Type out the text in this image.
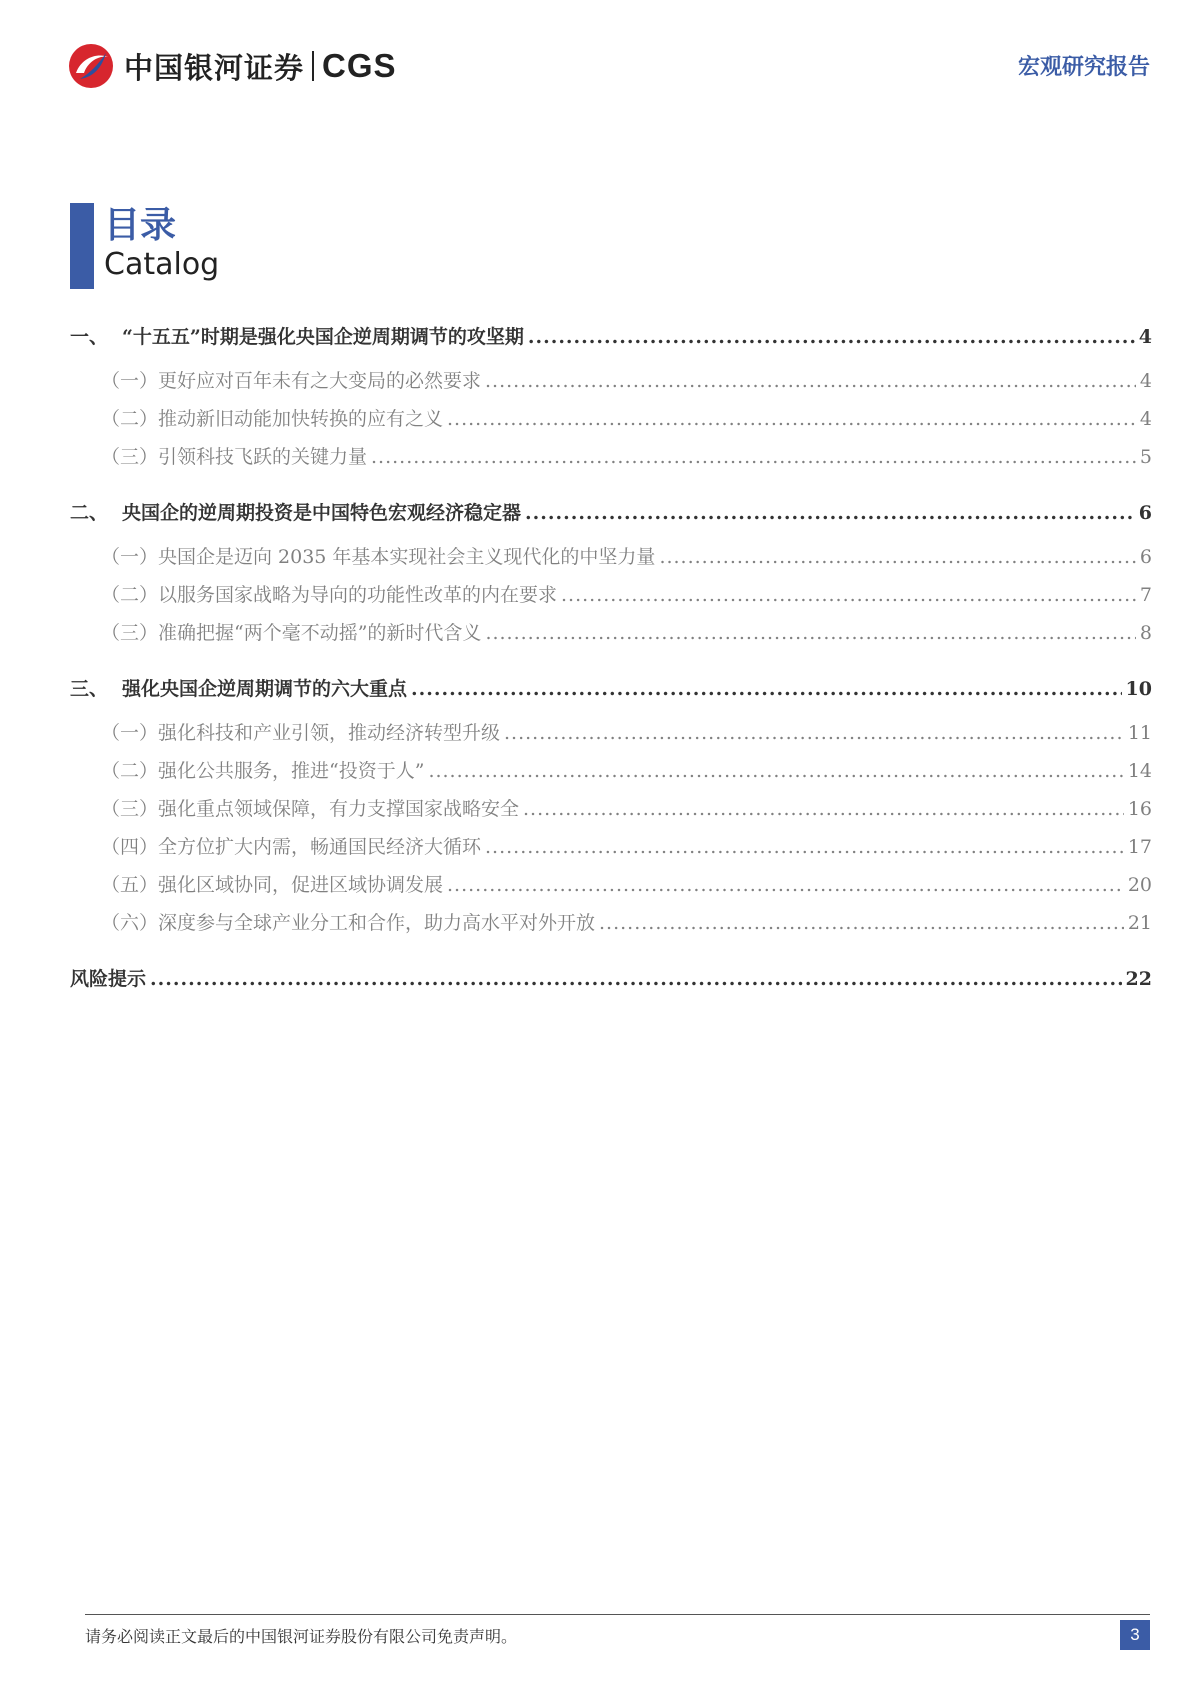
中国银河证券 CGS	宏观研究报告
目录
Catalog
一、 “十五五”时期是强化央国企逆周期调节的攻坚期 .....	4
（一）更好应对百年未有之大变局的必然要求 .....	4
（二）推动新旧动能加快转换的应有之义 .....	4
（三）引领科技飞跃的关键力量 .....	5
二、 央国企的逆周期投资是中国特色宏观经济稳定器 .....	6
（一）央国企是迈向 2035 年基本实现社会主义现代化的中坚力量 .....	6
（二）以服务国家战略为导向的功能性改革的内在要求 .....	7
（三）准确把握“两个毫不动摇”的新时代含义 .....	8
三、 强化央国企逆周期调节的六大重点 .....	10
（一）强化科技和产业引领，推动经济转型升级 .....	11
（二）强化公共服务，推进“投资于人” .....	14
（三）强化重点领域保障，有力支撑国家战略安全 .....	16
（四）全方位扩大内需，畅通国民经济大循环 .....	17
（五）强化区域协同，促进区域协调发展 .....	20
（六）深度参与全球产业分工和合作，助力高水平对外开放 .....	21
风险提示 .....	22
请务必阅读正文最后的中国银河证券股份有限公司免责声明。	3
